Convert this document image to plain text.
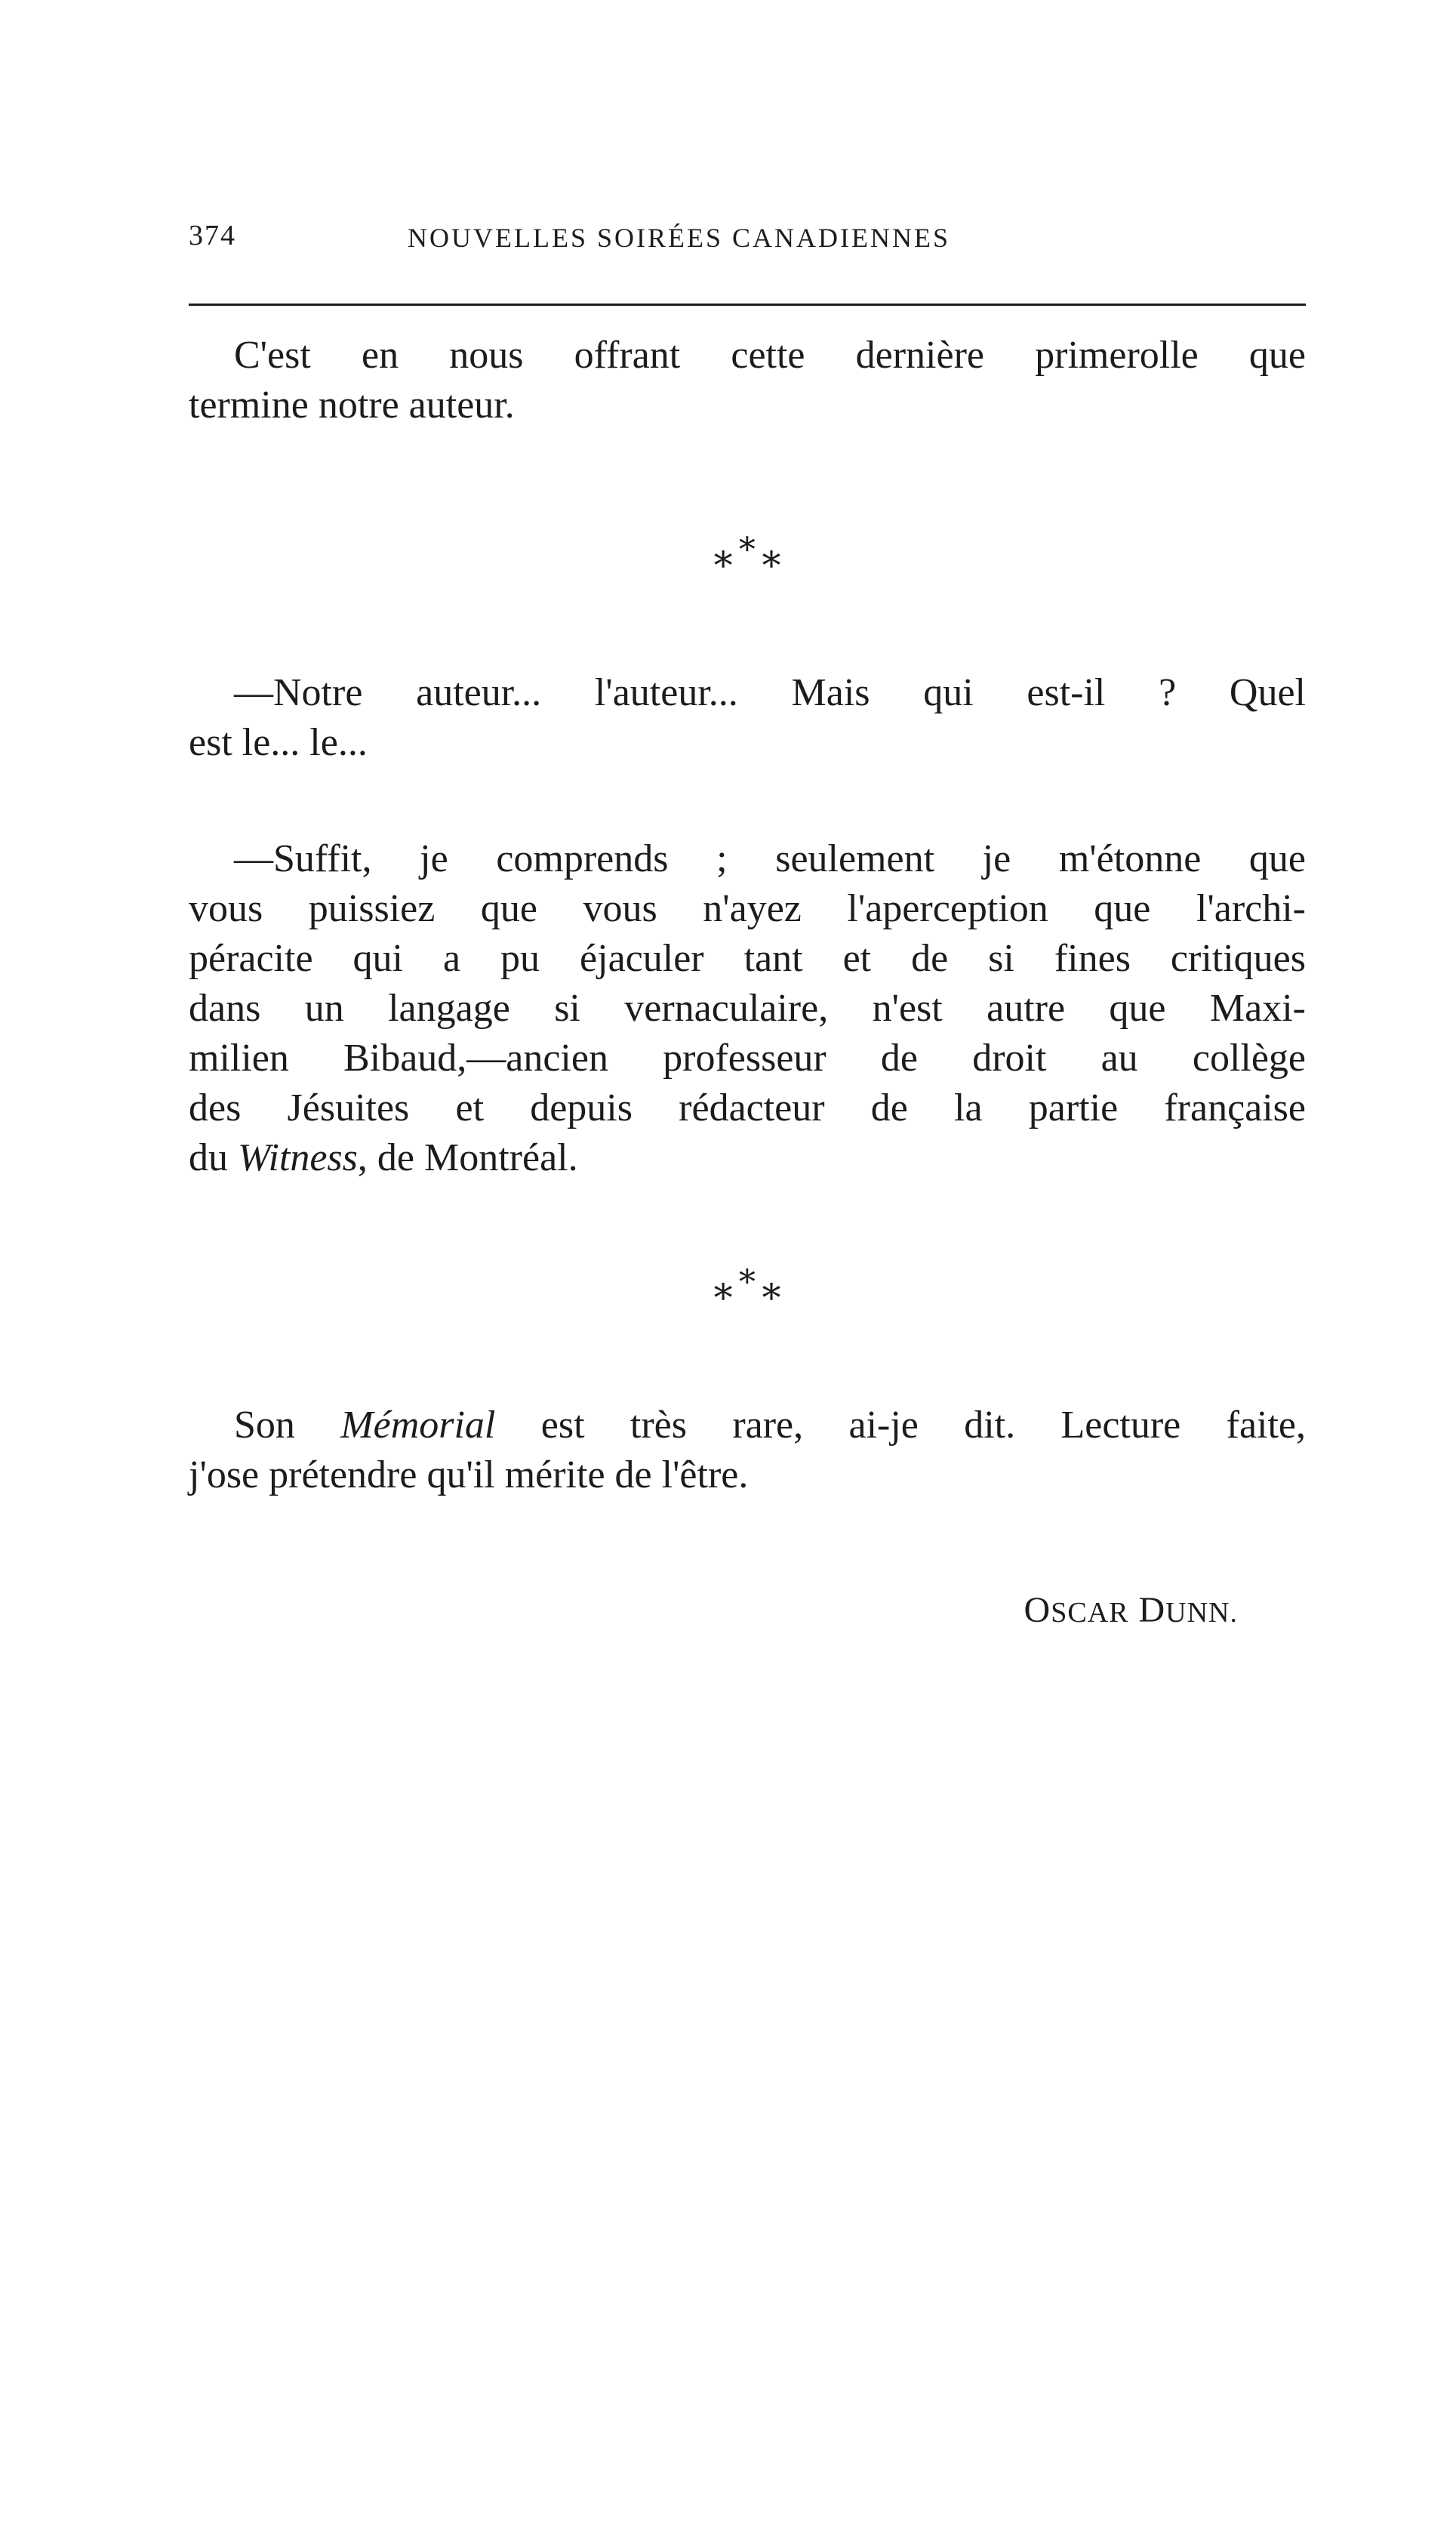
374	NOUVELLES SOIRÉES CANADIENNES
C'est en nous offrant cette dernière primerolle que
termine notre auteur.
∗∗∗
—Notre auteur... l'auteur... Mais qui est-il ? Quel
est le... le...
—Suffit, je comprends ; seulement je m'étonne que
vous puissiez que vous n'ayez l'aperception que l'archi-
péracite qui a pu éjaculer tant et de si fines critiques
dans un langage si vernaculaire, n'est autre que Maxi-
milien Bibaud,—ancien professeur de droit au collège
des Jésuites et depuis rédacteur de la partie française
du Witness, de Montréal.
∗∗∗
Son Mémorial est très rare, ai-je dit. Lecture faite,
j'ose prétendre qu'il mérite de l'être.
OSCAR DUNN.
